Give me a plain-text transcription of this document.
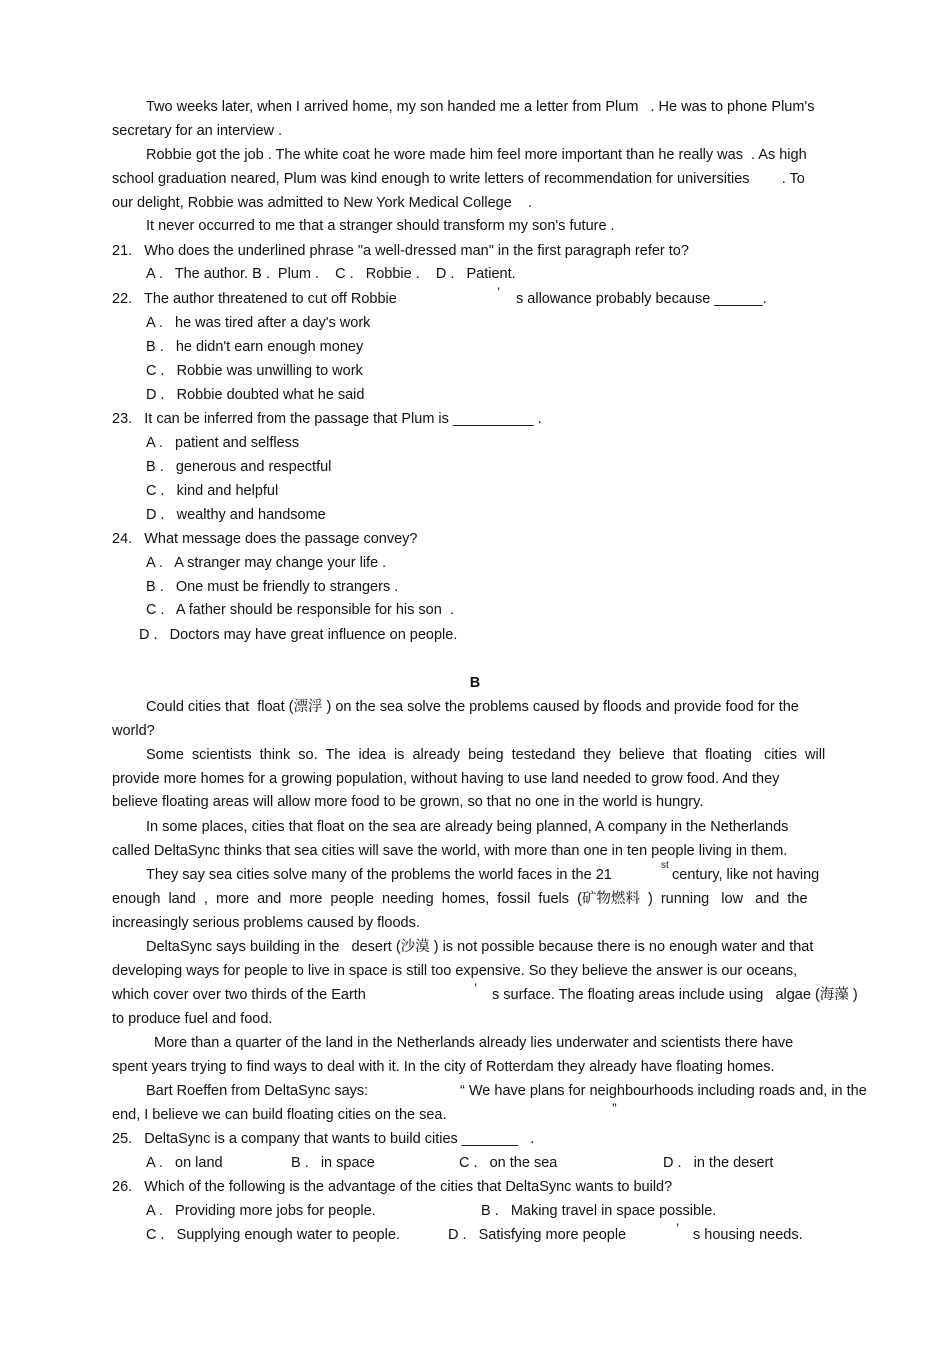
Two weeks later, when I arrived home, my son handed me a letter from Plum   . He was to phone Plum's
secretary for an interview .
Robbie got the job . The white coat he wore made him feel more important than he really was  . As high
school graduation neared, Plum was kind enough to write letters of recommendation for universities        . To
our delight, Robbie was admitted to New York Medical College    .
It never occurred to me that a stranger should transform my son's future .
21.   Who does the underlined phrase "a well-dressed man" in the first paragraph refer to?
A .   The author. B .  Plum .    C .   Robbie .    D .   Patient.
22.   The author threatened to cut off Robbie	’ s allowance probably because ______.
A .   he was tired after a day's work
B .   he didn't earn enough money
C .   Robbie was unwilling to work
D .   Robbie doubted what he said
23.   It can be inferred from the passage that Plum is __________ .
A .   patient and selfless
B .   generous and respectful
C .   kind and helpful
D .   wealthy and handsome
24.   What message does the passage convey?
A .   A stranger may change your life .
B .   One must be friendly to strangers .
C .   A father should be responsible for his son  .
D .   Doctors may have great influence on people.
B
Could cities that  float (漂浮 ) on the sea solve the problems caused by floods and provide food for the
world?
Some  scientists  think  so.  The  idea  is  already  being  testedand  they  believe  that  floating   cities  will
provide more homes for a growing population, without having to use land needed to grow food. And they
believe floating areas will allow more food to be grown, so that no one in the world is hungry.
In some places, cities that float on the sea are already being planned, A company in the Netherlands
called DeltaSync thinks that sea cities will save the world, with more than one in ten people living in them.
They say sea cities solve many of the problems the world faces in the 21
st
century, like not having
enough  land  ,  more  and  more  people  needing  homes,  fossil  fuels  (矿物燃料  )  running   low   and  the
increasingly serious problems caused by floods.
DeltaSync says building in the   desert (沙漠 ) is not possible because there is no enough water and that
developing ways for people to live in space is still too expensive. So they believe the answer is our oceans,
which cover over two thirds of the Earth	’ s surface. The floating areas include using   algae (海藻 )
to produce fuel and food.
More than a quarter of the land in the Netherlands already lies underwater and scientists there have
spent years trying to find ways to deal with it. In the city of Rotterdam they already have floating homes.
Bart Roeffen from DeltaSync says:	“ We have plans for neighbourhoods including roads and, in the
end, I believe we can build floating cities on the sea.	”
25.   DeltaSync is a company that wants to build cities _______   .
A .   on land	B .   in space	C .   on the sea	D .   in the desert
26.   Which of the following is the advantage of the cities that DeltaSync wants to build?
A .   Providing more jobs for people.	B .   Making travel in space possible.
C .   Supplying enough water to people.	D .   Satisfying more people	’ s housing needs.
